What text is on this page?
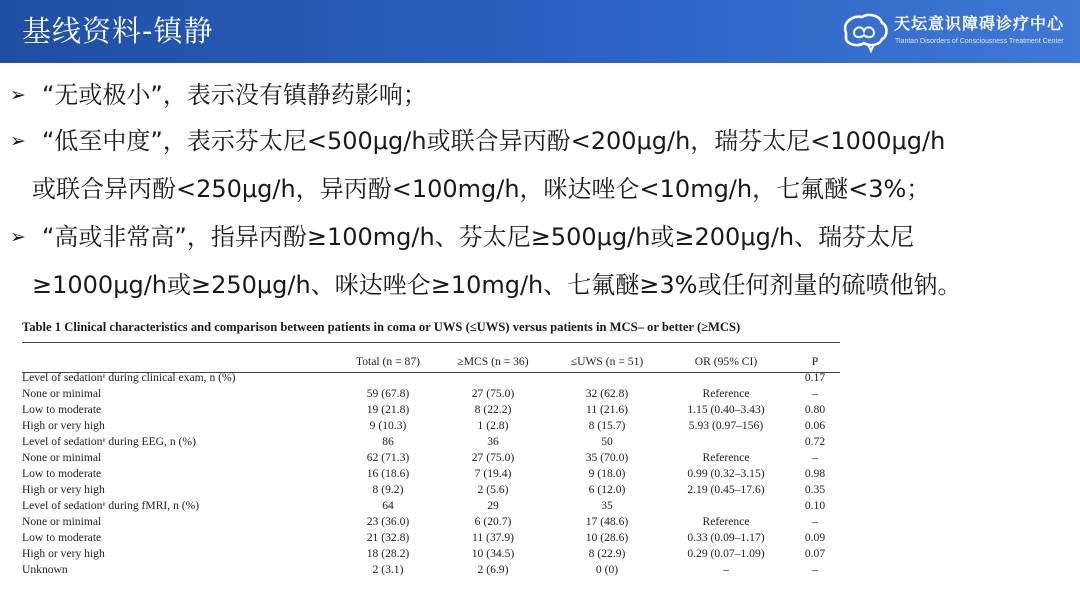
基线资料-镇静	天坛意识障碍诊疗中心
Tiantan Disorders of Consciousness Treatment Center
➢ “无或极小”，表示没有镇静药影响；
➢ “低至中度”，表示芬太尼<500μg/h或联合异丙酚<200μg/h，瑞芬太尼<1000μg/h
或联合异丙酚<250μg/h，异丙酚<100mg/h，咪达唑仑<10mg/h，七氟醚<3%；
➢ “高或非常高”，指异丙酚≥100mg/h、芬太尼≥500μg/h或≥200μg/h、瑞芬太尼
≥1000μg/h或≥250μg/h、咪达唑仑≥10mg/h、七氟醚≥3%或任何剂量的硫喷他钠。
Table 1 Clinical characteristics and comparison between patients in coma or UWS (≤UWS) versus patients in MCS– or better (≥MCS)
	Total (n = 87)	≥MCS (n = 36)	≤UWS (n = 51)	OR (95% CI)	P
Level of sedationᵉ during clinical exam, n (%)					0.17
None or minimal	59 (67.8)	27 (75.0)	32 (62.8)	Reference	–
Low to moderate	19 (21.8)	8 (22.2)	11 (21.6)	1.15 (0.40–3.43)	0.80
High or very high	9 (10.3)	1 (2.8)	8 (15.7)	5.93 (0.97–156)	0.06
Level of sedationᵉ during EEG, n (%)	86	36	50		0.72
None or minimal	62 (71.3)	27 (75.0)	35 (70.0)	Reference	–
Low to moderate	16 (18.6)	7 (19.4)	9 (18.0)	0.99 (0.32–3.15)	0.98
High or very high	8 (9.2)	2 (5.6)	6 (12.0)	2.19 (0.45–17.6)	0.35
Level of sedationᵉ during fMRI, n (%)	64	29	35		0.10
None or minimal	23 (36.0)	6 (20.7)	17 (48.6)	Reference	–
Low to moderate	21 (32.8)	11 (37.9)	10 (28.6)	0.33 (0.09–1.17)	0.09
High or very high	18 (28.2)	10 (34.5)	8 (22.9)	0.29 (0.07–1.09)	0.07
Unknown	2 (3.1)	2 (6.9)	0 (0)	–	–
